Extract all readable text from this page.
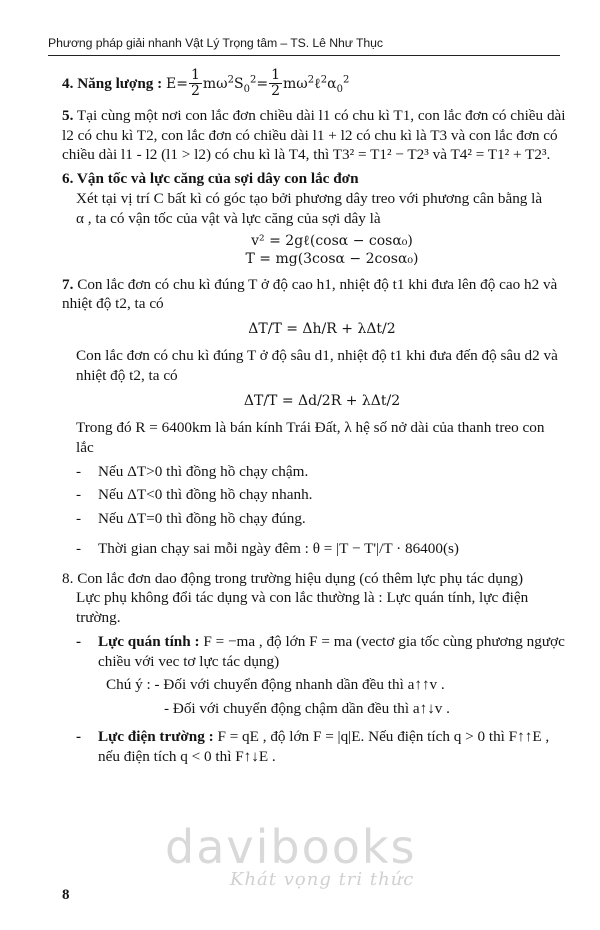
Phương pháp giải nhanh Vật Lý Trọng tâm – TS. Lê Như Thục

4. Năng lượng : $E= \frac{1}{2} m\omega^2S_0^2= \frac{1}{2}$ $m\omega^2\ell^2\alpha_0^2$

5. Tại cùng một nơi con lắc đơn chiều dài l1 có chu kì T1, con lắc đơn có chiều dài

l2 có chu kì T2, con lắc đơn có chiều dài l1 + l2 có chu kì là T3 và con lắc đơn có

chiều dài l1 - l2 (l1 > l2) có chu kì là T4, thì T3² = T1² − T2³ và T4² = T1² + T2³.

6. Vận tốc và lực căng của sợi dây con lắc đơn

Xét tại vị trí C bất kì có góc tạo bởi phương dây treo với phương cân bằng là

α , ta có vận tốc của vật và lực căng của sợi dây là

v² = 2gℓ(cosα − cosα₀)

T = mg(3cosα − 2cosα₀)

7. Con lắc đơn có chu kì đúng T ở độ cao h1, nhiệt độ t1 khi đưa lên độ cao h2 và

nhiệt độ t2, ta có

ΔT/T = Δh/R + λΔt/2

Con lắc đơn có chu kì đúng T ở độ sâu d1, nhiệt độ t1 khi đưa đến độ sâu d2 và

nhiệt độ t2, ta có

ΔT/T = Δd/2R + λΔt/2

Trong đó R = 6400km là bán kính Trái Đất, λ hệ số nở dài của thanh treo con

lắc

- Nếu ΔT>0 thì đồng hồ chạy chậm.

- Nếu ΔT<0 thì đồng hồ chạy nhanh.

- Nếu ΔT=0 thì đồng hồ chạy đúng.

- Thời gian chạy sai mỗi ngày đêm : θ = |T − T'|/T · 86400(s)

8. Con lắc đơn dao động trong trường hiệu dụng (có thêm lực phụ tác dụng)

Lực phụ không đổi tác dụng và con lắc thường là : Lực quán tính, lực điện

trường.

- Lực quán tính : F = −ma , độ lớn F = ma (vectơ gia tốc cùng phương ngược

chiều với vec tơ lực tác dụng)

Chú ý : - Đối với chuyển động nhanh dần đều thì a↑↑v .

- Đối với chuyển động chậm dần đều thì a↑↓v .

- Lực điện trường : F = qE , độ lớn F = |q|E. Nếu điện tích q > 0 thì F↑↑E ,

nếu điện tích q < 0 thì F↑↓E .

davibooks
Khát vọng tri thức
8
